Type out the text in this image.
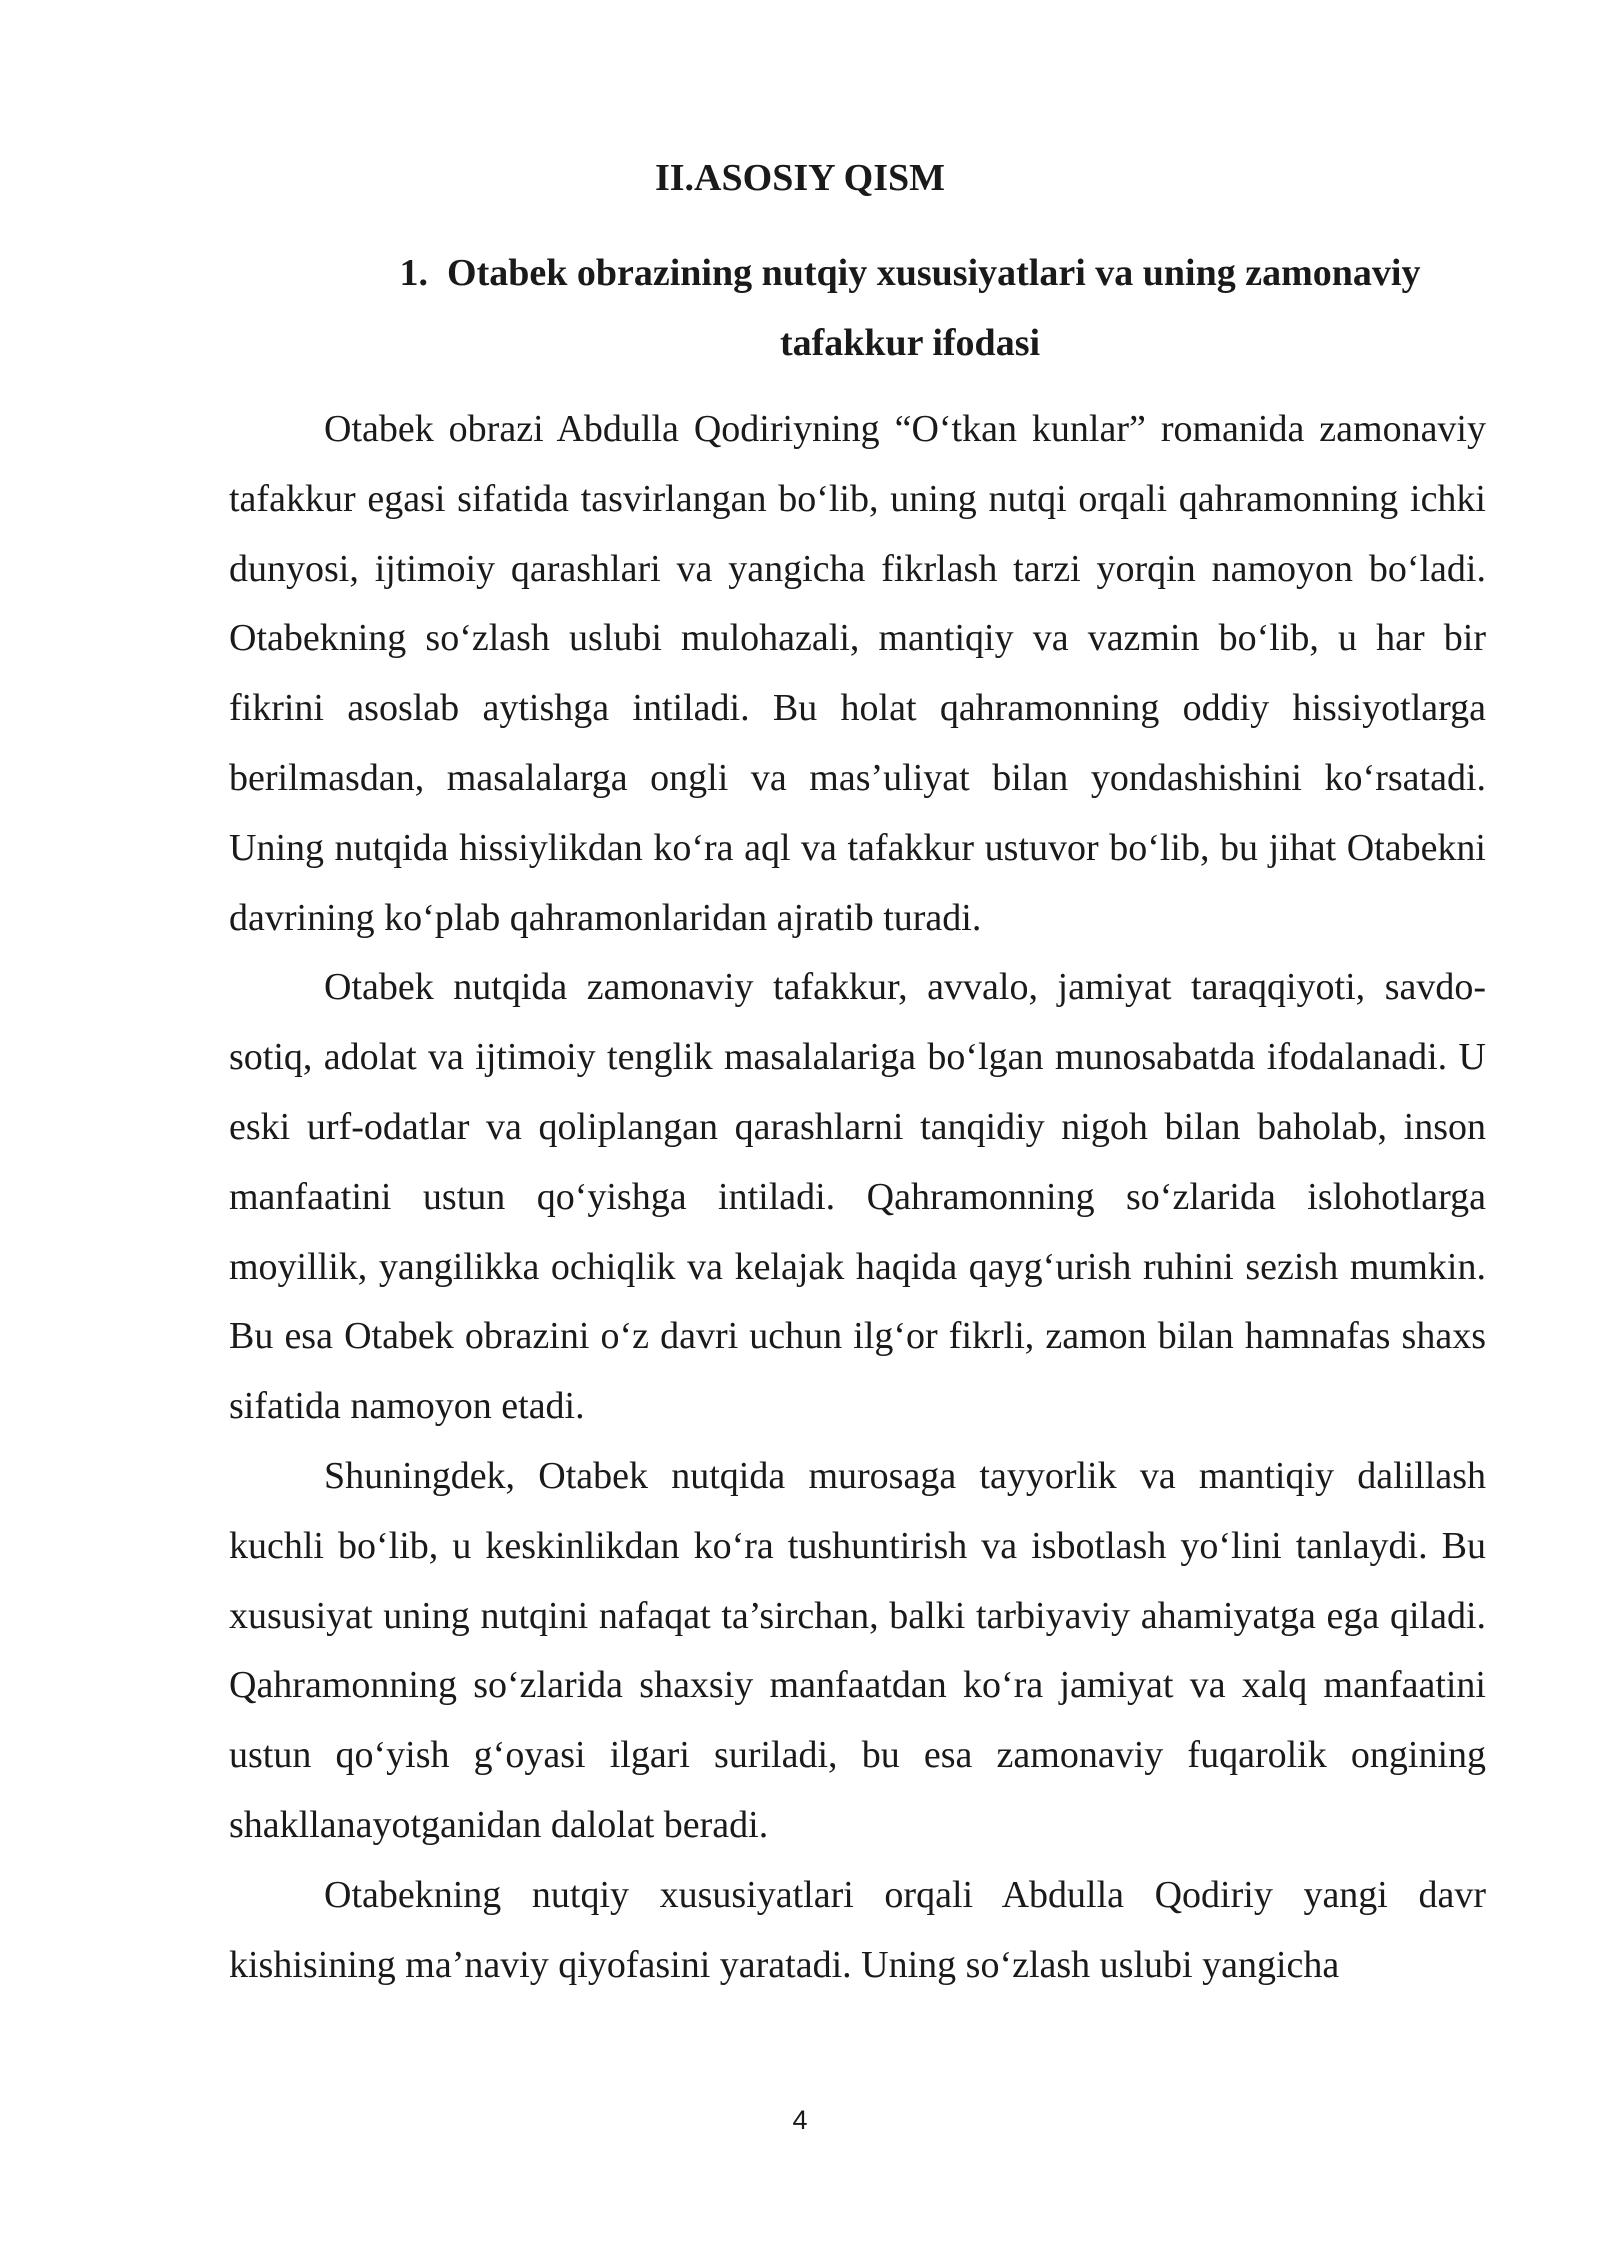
II.ASOSIY QISM
1. Otabek obrazining nutqiy xususiyatlari va uning zamonaviy tafakkur ifodasi

Otabek obrazi Abdulla Qodiriyning “O‘tkan kunlar” romanida zamonaviy tafakkur egasi sifatida tasvirlangan bo‘lib, uning nutqi orqali qahramonning ichki dunyosi, ijtimoiy qarashlari va yangicha fikrlash tarzi yorqin namoyon bo‘ladi. Otabekning so‘zlash uslubi mulohazali, mantiqiy va vazmin bo‘lib, u har bir fikrini asoslab aytishga intiladi. Bu holat qahramonning oddiy hissiyotlarga berilmasdan, masalalarga ongli va mas’uliyat bilan yondashishini ko‘rsatadi. Uning nutqida hissiylikdan ko‘ra aql va tafakkur ustuvor bo‘lib, bu jihat Otabekni davrining ko‘plab qahramonlaridan ajratib turadi.

Otabek nutqida zamonaviy tafakkur, avvalo, jamiyat taraqqiyoti, savdo-sotiq, adolat va ijtimoiy tenglik masalalariga bo‘lgan munosabatda ifodalanadi. U eski urf-odatlar va qoliplangan qarashlarni tanqidiy nigoh bilan baholab, inson manfaatini ustun qo‘yishga intiladi. Qahramonning so‘zlarida islohotlarga moyillik, yangilikka ochiqlik va kelajak haqida qayg‘urish ruhini sezish mumkin. Bu esa Otabek obrazini o‘z davri uchun ilg‘or fikrli, zamon bilan hamnafas shaxs sifatida namoyon etadi.

Shuningdek, Otabek nutqida murosaga tayyorlik va mantiqiy dalillash kuchli bo‘lib, u keskinlikdan ko‘ra tushuntirish va isbotlash yo‘lini tanlaydi. Bu xususiyat uning nutqini nafaqat ta’sirchan, balki tarbiyaviy ahamiyatga ega qiladi. Qahramonning so‘zlarida shaxsiy manfaatdan ko‘ra jamiyat va xalq manfaatini ustun qo‘yish g‘oyasi ilgari suriladi, bu esa zamonaviy fuqarolik ongining shakllanayotganidan dalolat beradi.

Otabekning nutqiy xususiyatlari orqali Abdulla Qodiriy yangi davr kishisining ma’naviy qiyofasini yaratadi. Uning so‘zlash uslubi yangicha

4
